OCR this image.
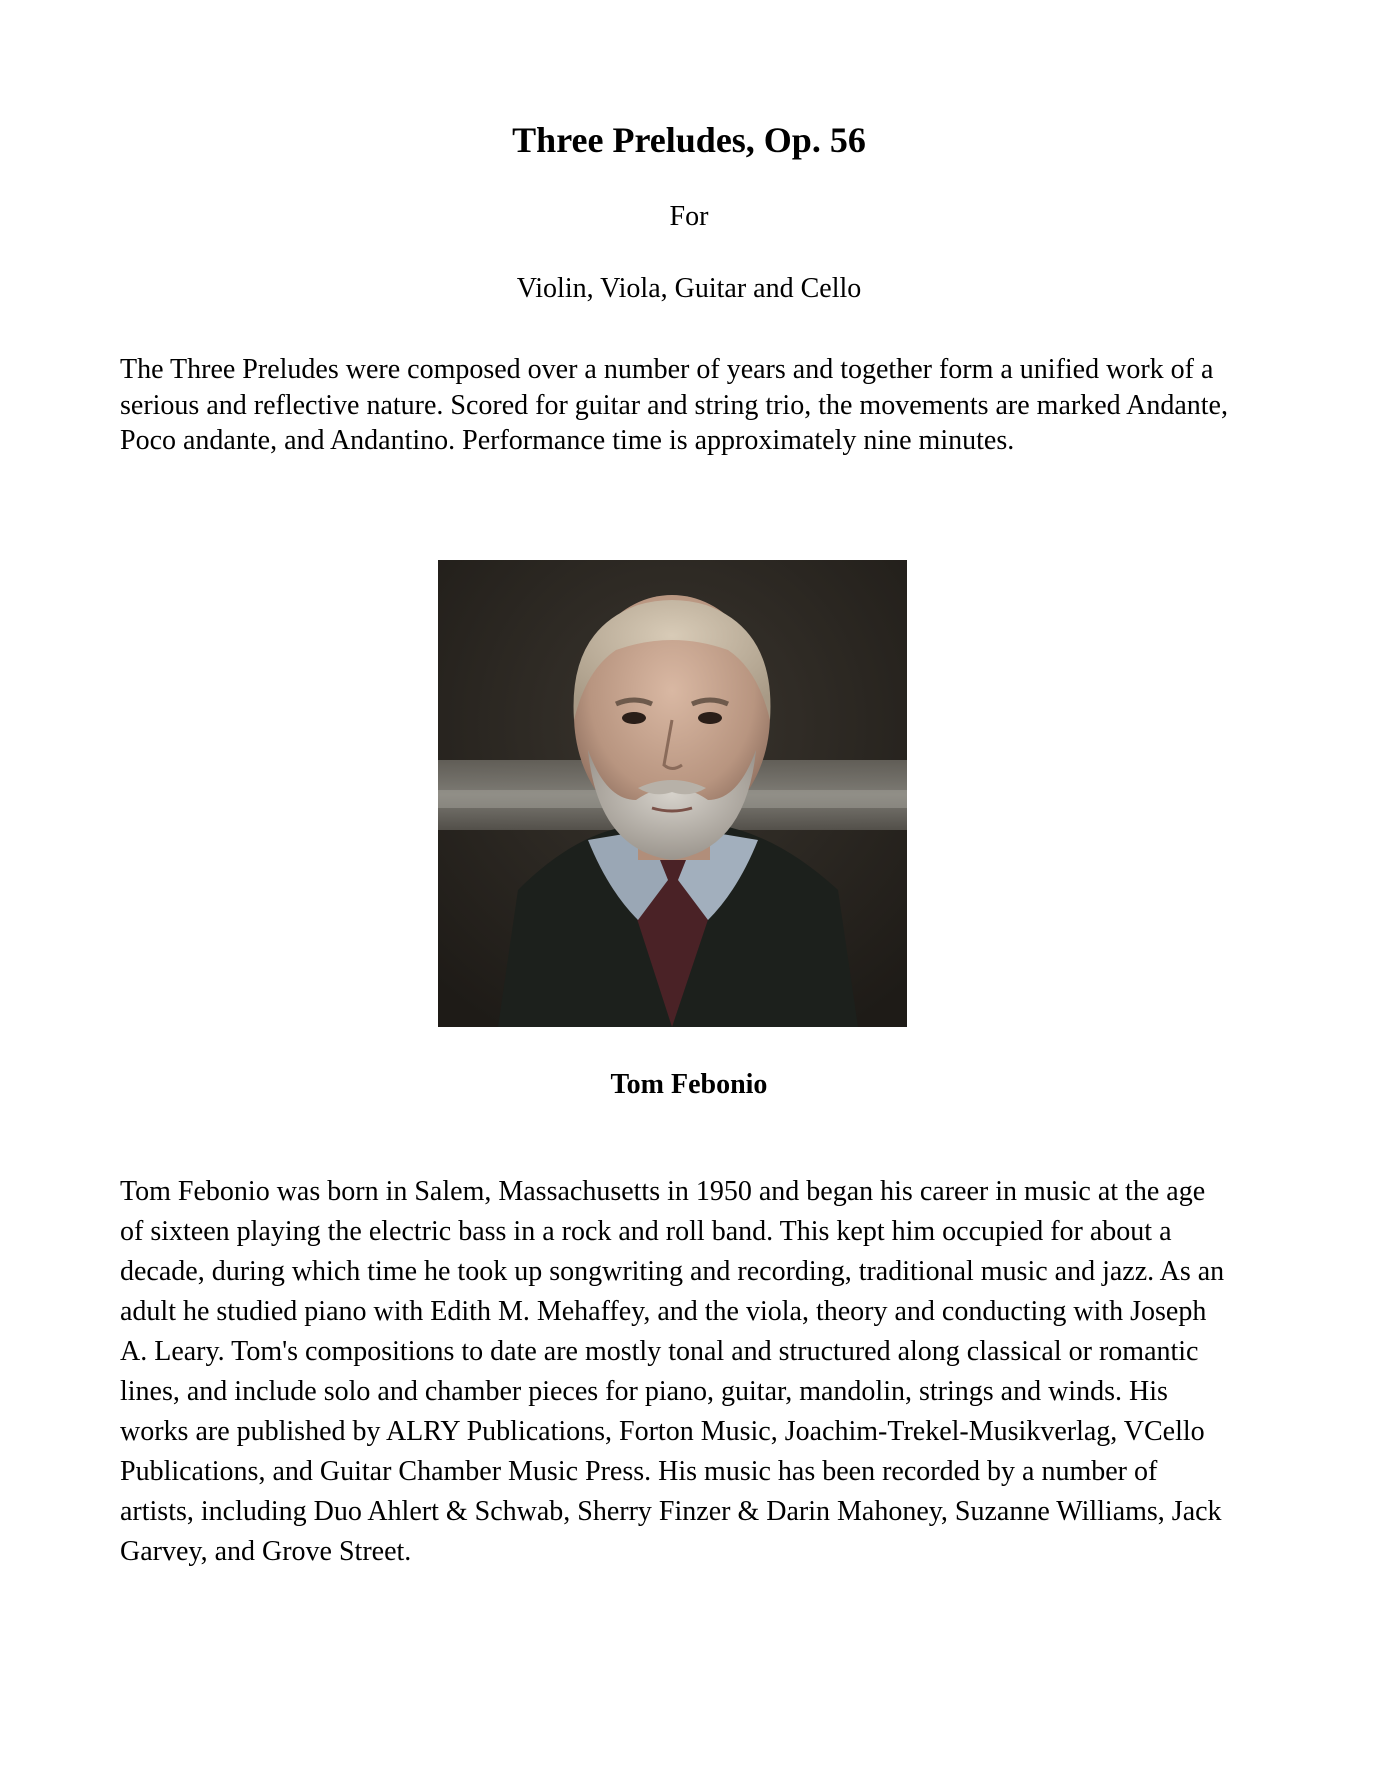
Three Preludes, Op. 56
For
Violin, Viola, Guitar and Cello

The Three Preludes were composed over a number of years and together form a unified work of a serious and reflective nature. Scored for guitar and string trio, the movements are marked Andante, Poco andante, and Andantino. Performance time is approximately nine minutes.

Tom Febonio

Tom Febonio was born in Salem, Massachusetts in 1950 and began his career in music at the age of sixteen playing the electric bass in a rock and roll band. This kept him occupied for about a decade, during which time he took up songwriting and recording, traditional music and jazz. As an adult he studied piano with Edith M. Mehaffey, and the viola, theory and conducting with Joseph A. Leary. Tom's compositions to date are mostly tonal and structured along classical or romantic lines, and include solo and chamber pieces for piano, guitar, mandolin, strings and winds. His works are published by ALRY Publications, Forton Music, Joachim-Trekel-Musikverlag, VCello Publications, and Guitar Chamber Music Press. His music has been recorded by a number of artists, including Duo Ahlert & Schwab, Sherry Finzer & Darin Mahoney, Suzanne Williams, Jack Garvey, and Grove Street.
